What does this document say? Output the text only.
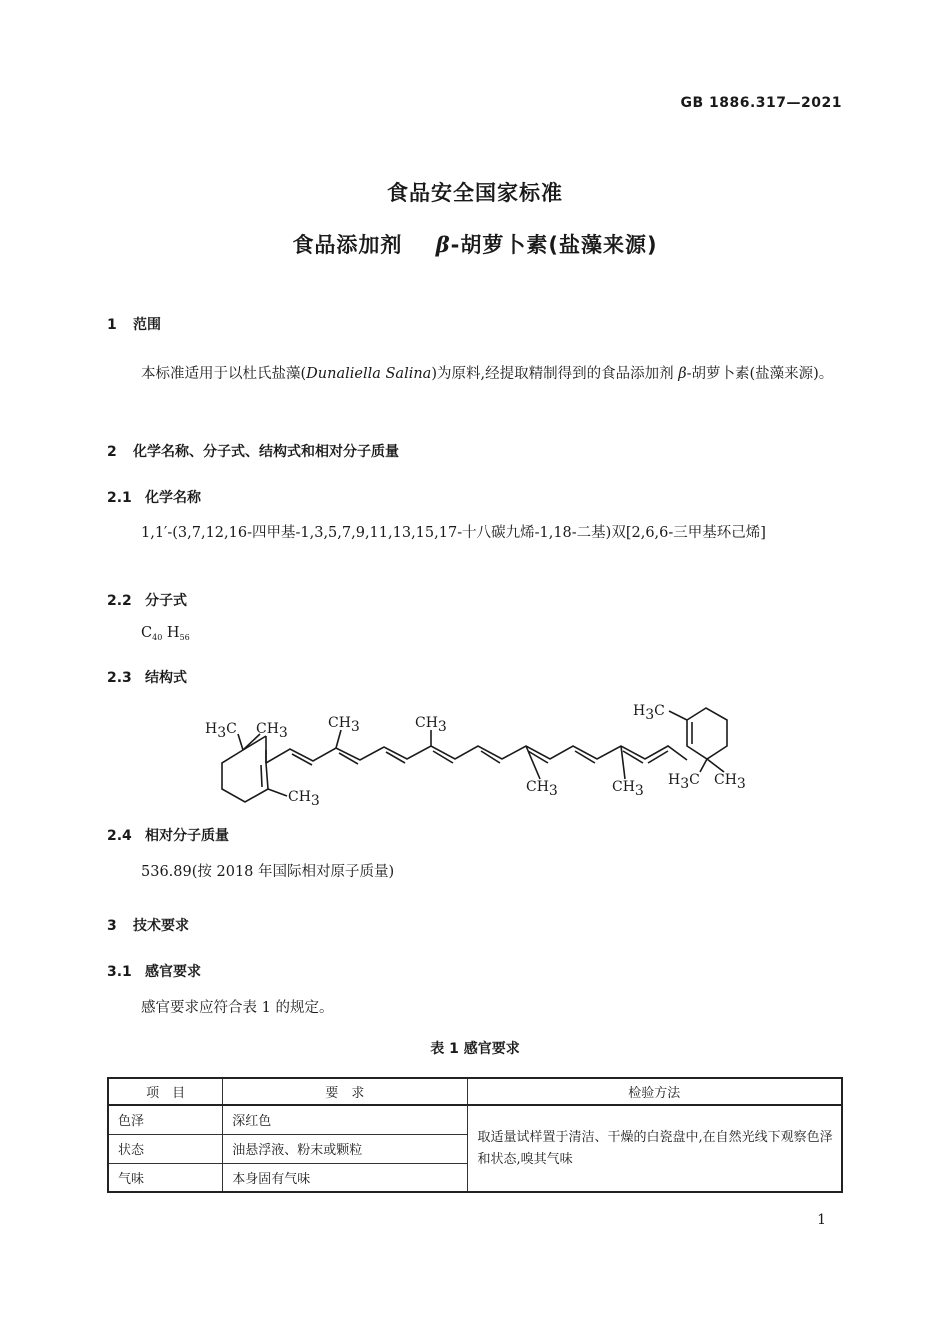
GB 1886.317—2021
食品安全国家标准
食品添加剂 β-胡萝卜素(盐藻来源)
1 范围
本标准适用于以杜氏盐藻(Dunaliella Salina)为原料,经提取精制得到的食品添加剂 β-胡萝卜素(盐藻来源)。
2 化学名称、分子式、结构式和相对分子质量
2.1 化学名称
1,1′-(3,7,12,16-四甲基-1,3,5,7,9,11,13,15,17-十八碳九烯-1,18-二基)双[2,6,6-三甲基环己烯]
2.2 分子式
$C_{40}$ $H_{56}$
2.3 结构式
H3C CH3
CH3
CH3	CH3
CH3	CH3
H3C
H3C CH3
2.4 相对分子质量
536.89(按 2018 年国际相对原子质量)
3 技术要求
3.1 感官要求
感官要求应符合表 1 的规定。
表 1 感官要求
项　目	要　求	检验方法
色泽	深红色	取适量试样置于清洁、干燥的白瓷盘中,在自然光线下观察色泽和状态,嗅其气味
状态	油悬浮液、粉末或颗粒	
气味	本身固有气味	
1
